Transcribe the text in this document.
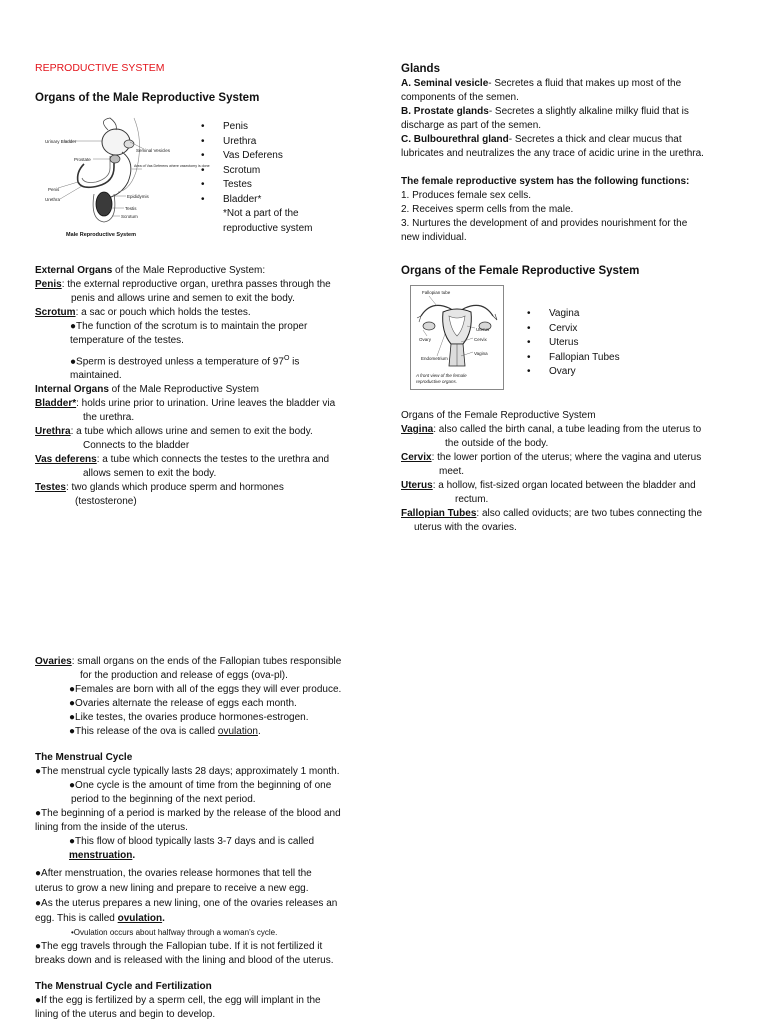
REPRODUCTIVE SYSTEM
Organs of the Male Reproductive System
Urinary Bladder
Seminal Vesicles
Prostate
Area of Vas Deferens where vasectomy is done
Penis
Urethra
Epididymis
Testis
Scrotum
Male Reproductive System
• Penis
• Urethra
• Vas Deferens
• Scrotum
• Testes
• Bladder*
*Not a part of the
reproductive system
External Organs of the Male Reproductive System:
Penis: the external reproductive organ, urethra passes through the
penis and allows urine and semen to exit the body.
Scrotum: a sac or pouch which holds the testes.
●The function of the scrotum is to maintain the proper
temperature of the testes.
●Sperm is destroyed unless a temperature of $97^O$ is
maintained.
Internal Organs of the Male Reproductive System
Bladder*: holds urine prior to urination. Urine leaves the bladder via
the urethra.
Urethra: a tube which allows urine and semen to exit the body.
Connects to the bladder
Vas deferens: a tube which connects the testes to the urethra and
allows semen to exit the body.
Testes: two glands which produce sperm and hormones
(testosterone)
Glands
A. Seminal vesicle- Secretes a fluid that makes up most of the
components of the semen.
B. Prostate glands- Secretes a slightly alkaline milky fluid that is
discharge as part of the semen.
C. Bulbourethral gland- Secretes a thick and clear mucus that
lubricates and neutralizes the any trace of acidic urine in the urethra.
The female reproductive system has the following functions:
1. Produces female sex cells.
2. Receives sperm cells from the male.
3. Nurtures the development of and provides nourishment for the
new individual.
Organs of the Female Reproductive System
Fallopian tube
Uterus
Cervix
Ovary
Vagina
Endometrium
A front view of the female
reproductive organs.
• Vagina
• Cervix
• Uterus
• Fallopian Tubes
• Ovary
Organs of the Female Reproductive System
Vagina: also called the birth canal, a tube leading from the uterus to
the outside of the body.
Cervix: the lower portion of the uterus; where the vagina and uterus
meet.
Uterus: a hollow, fist-sized organ located between the bladder and
rectum.
Fallopian Tubes: also called oviducts; are two tubes connecting the
uterus with the ovaries.
Ovaries: small organs on the ends of the Fallopian tubes responsible
for the production and release of eggs (ova-pl).
●Females are born with all of the eggs they will ever produce.
●Ovaries alternate the release of eggs each month.
●Like testes, the ovaries produce hormones-estrogen.
●This release of the ova is called ovulation.
The Menstrual Cycle
●The menstrual cycle typically lasts 28 days; approximately 1 month.
●One cycle is the amount of time from the beginning of one
period to the beginning of the next period.
●The beginning of a period is marked by the release of the blood and
lining from the inside of the uterus.
●This flow of blood typically lasts 3-7 days and is called
menstruation.
●After menstruation, the ovaries release hormones that tell the
uterus to grow a new lining and prepare to receive a new egg.
●As the uterus prepares a new lining, one of the ovaries releases an
egg. This is called ovulation.
•Ovulation occurs about halfway through a woman’s cycle.
●The egg travels through the Fallopian tube. If it is not fertilized it
breaks down and is released with the lining and blood of the uterus.
The Menstrual Cycle and Fertilization
●If the egg is fertilized by a sperm cell, the egg will implant in the
lining of the uterus and begin to develop.
